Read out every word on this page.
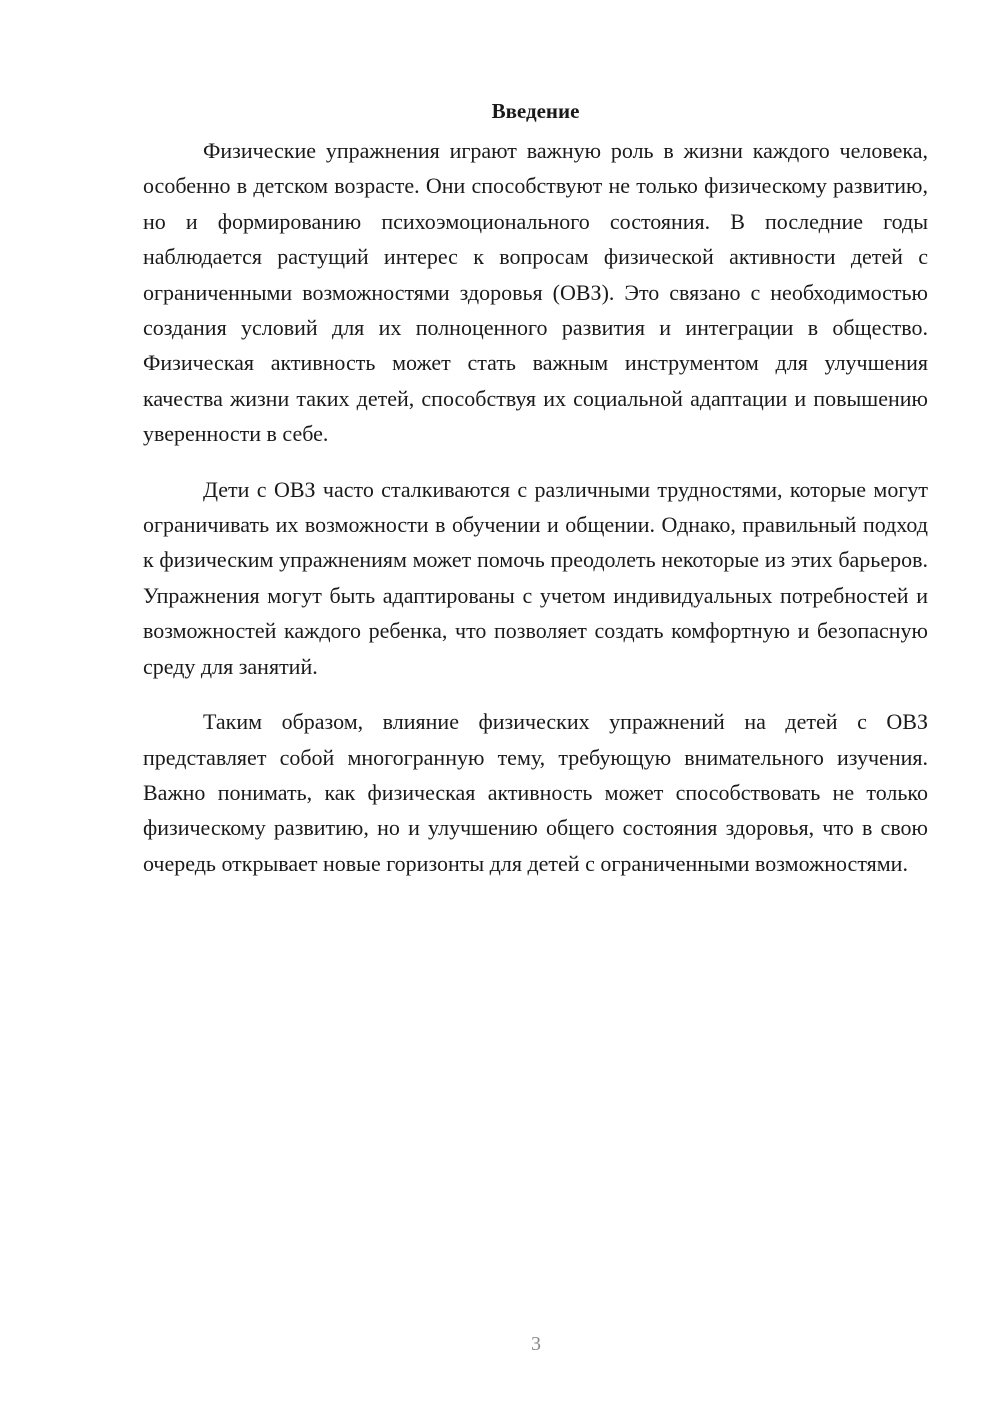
Введение

Физические упражнения играют важную роль в жизни каждого человека, особенно в детском возрасте. Они способствуют не только физическому развитию, но и формированию психоэмоционального состояния. В последние годы наблюдается растущий интерес к вопросам физической активности детей с ограниченными возможностями здоровья (ОВЗ). Это связано с необходимостью создания условий для их полноценного развития и интеграции в общество. Физическая активность может стать важным инструментом для улучшения качества жизни таких детей, способствуя их социальной адаптации и повышению уверенности в себе.

Дети с ОВЗ часто сталкиваются с различными трудностями, которые могут ограничивать их возможности в обучении и общении. Однако, правильный подход к физическим упражнениям может помочь преодолеть некоторые из этих барьеров. Упражнения могут быть адаптированы с учетом индивидуальных потребностей и возможностей каждого ребенка, что позволяет создать комфортную и безопасную среду для занятий.

Таким образом, влияние физических упражнений на детей с ОВЗ представляет собой многогранную тему, требующую внимательного изучения. Важно понимать, как физическая активность может способствовать не только физическому развитию, но и улучшению общего состояния здоровья, что в свою очередь открывает новые горизонты для детей с ограниченными возможностями.

3
